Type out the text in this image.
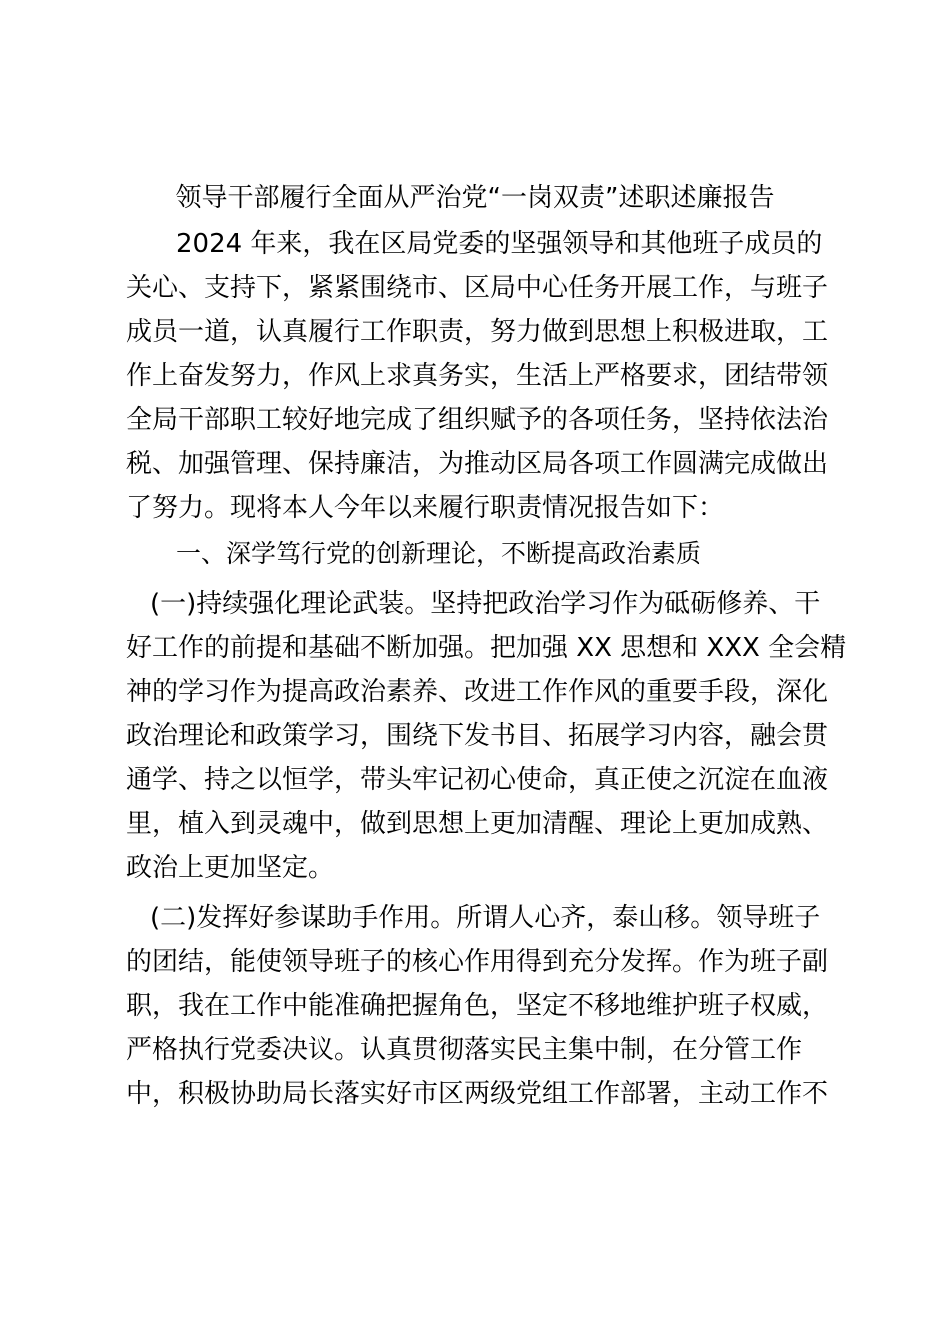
领导干部履行全面从严治党“一岗双责”述职述廉报告
2024 年来，我在区局党委的坚强领导和其他班子成员的
关心、支持下，紧紧围绕市、区局中心任务开展工作，与班子
成员一道，认真履行工作职责，努力做到思想上积极进取，工
作上奋发努力，作风上求真务实，生活上严格要求，团结带领
全局干部职工较好地完成了组织赋予的各项任务，坚持依法治
税、加强管理、保持廉洁，为推动区局各项工作圆满完成做出
了努力。现将本人今年以来履行职责情况报告如下：
一、深学笃行党的创新理论，不断提高政治素质
(一)持续强化理论武装。坚持把政治学习作为砥砺修养、干
好工作的前提和基础不断加强。把加强 XX 思想和 XXX 全会精
神的学习作为提高政治素养、改进工作作风的重要手段，深化
政治理论和政策学习，围绕下发书目、拓展学习内容，融会贯
通学、持之以恒学，带头牢记初心使命，真正使之沉淀在血液
里，植入到灵魂中，做到思想上更加清醒、理论上更加成熟、
政治上更加坚定。
(二)发挥好参谋助手作用。所谓人心齐，泰山移。领导班子
的团结，能使领导班子的核心作用得到充分发挥。作为班子副
职，我在工作中能准确把握角色，坚定不移地维护班子权威，
严格执行党委决议。认真贯彻落实民主集中制，在分管工作
中，积极协助局长落实好市区两级党组工作部署，主动工作不
